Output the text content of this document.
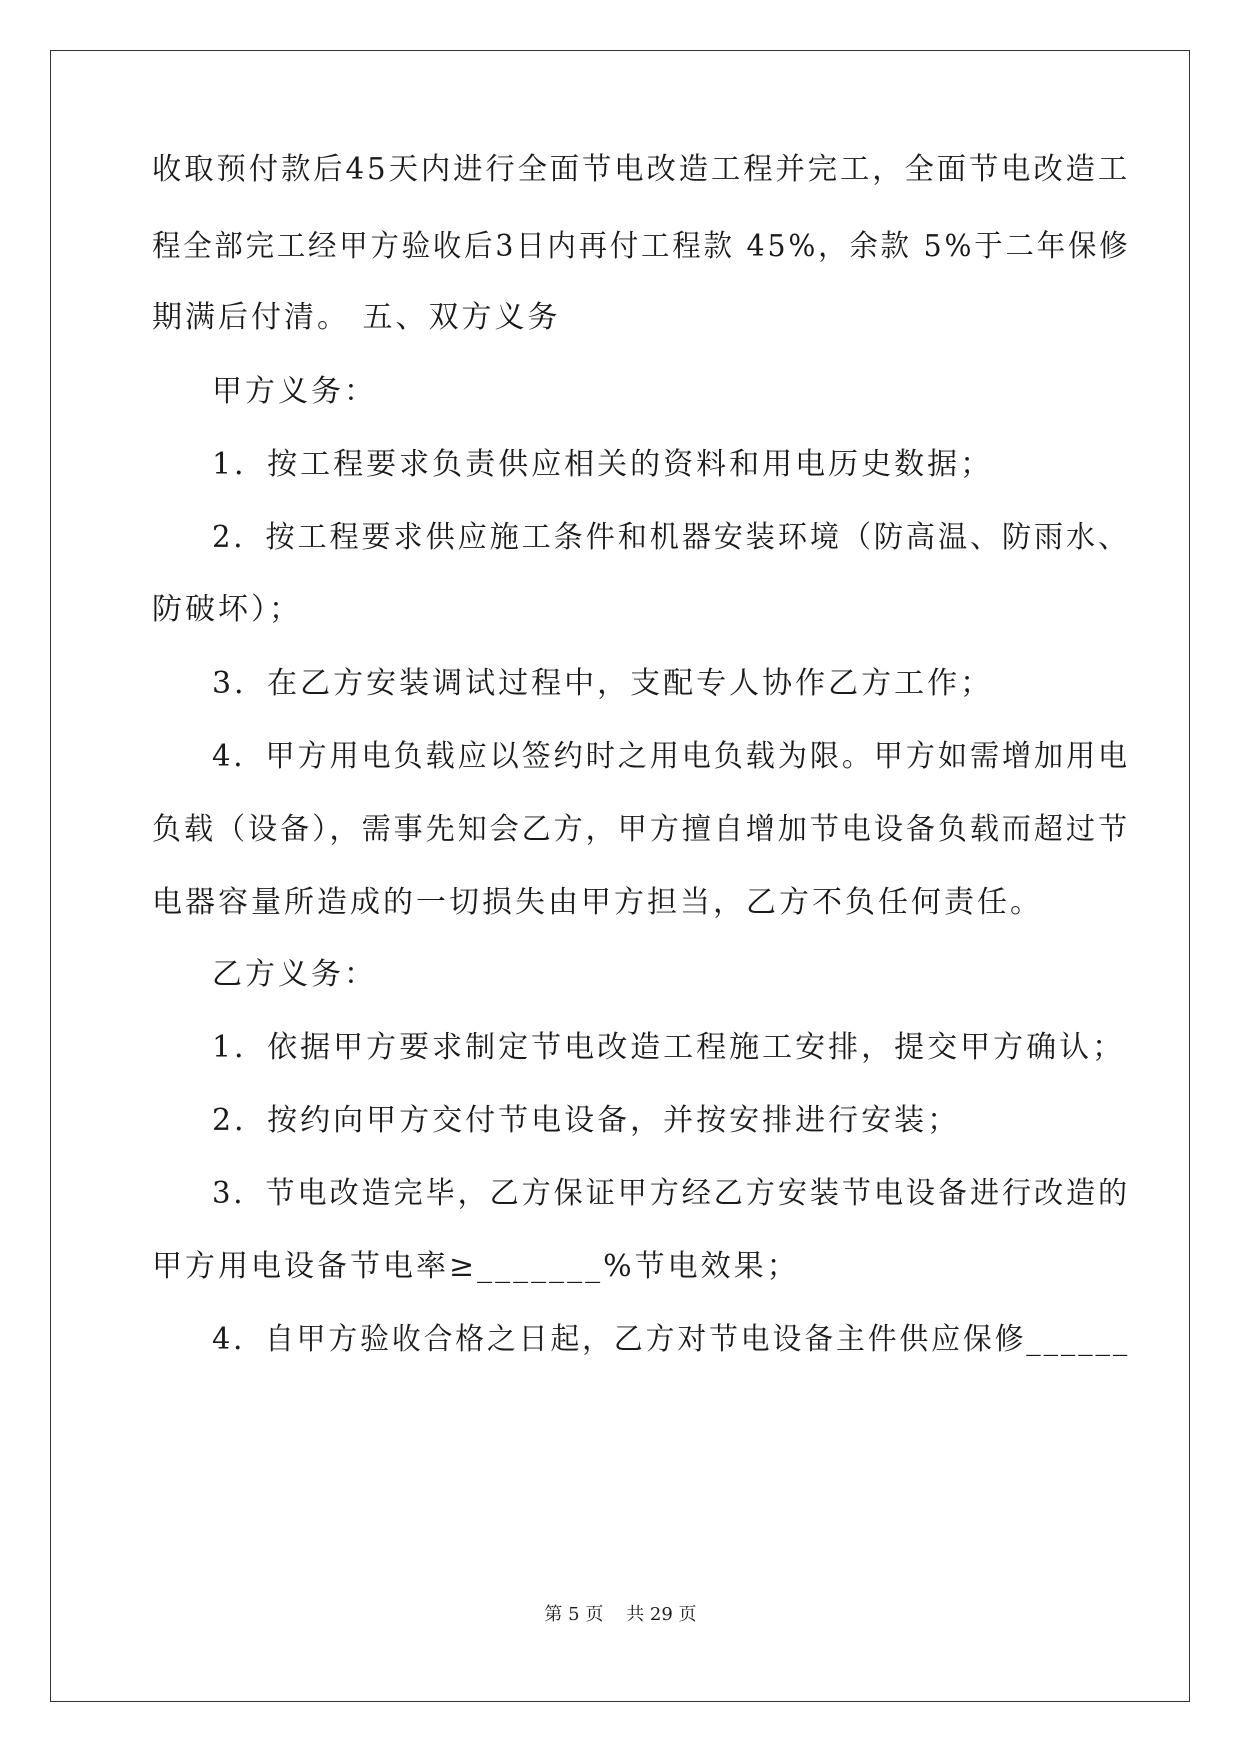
收取预付款后45天内进行全面节电改造工程并完工，全面节电改造工
程全部完工经甲方验收后3日内再付工程款 45%，余款 5%于二年保修
期满后付清。 五、双方义务
甲方义务：
1．按工程要求负责供应相关的资料和用电历史数据；
2．按工程要求供应施工条件和机器安装环境（防高温、防雨水、
防破坏）；
3．在乙方安装调试过程中，支配专人协作乙方工作；
4．甲方用电负载应以签约时之用电负载为限。甲方如需增加用电
负载（设备），需事先知会乙方，甲方擅自增加节电设备负载而超过节
电器容量所造成的一切损失由甲方担当，乙方不负任何责任。
乙方义务：
1．依据甲方要求制定节电改造工程施工安排，提交甲方确认；
2．按约向甲方交付节电设备，并按安排进行安装；
3．节电改造完毕，乙方保证甲方经乙方安装节电设备进行改造的
甲方用电设备节电率≥_______%节电效果；
4．自甲方验收合格之日起，乙方对节电设备主件供应保修______
第 5 页    共 29 页
